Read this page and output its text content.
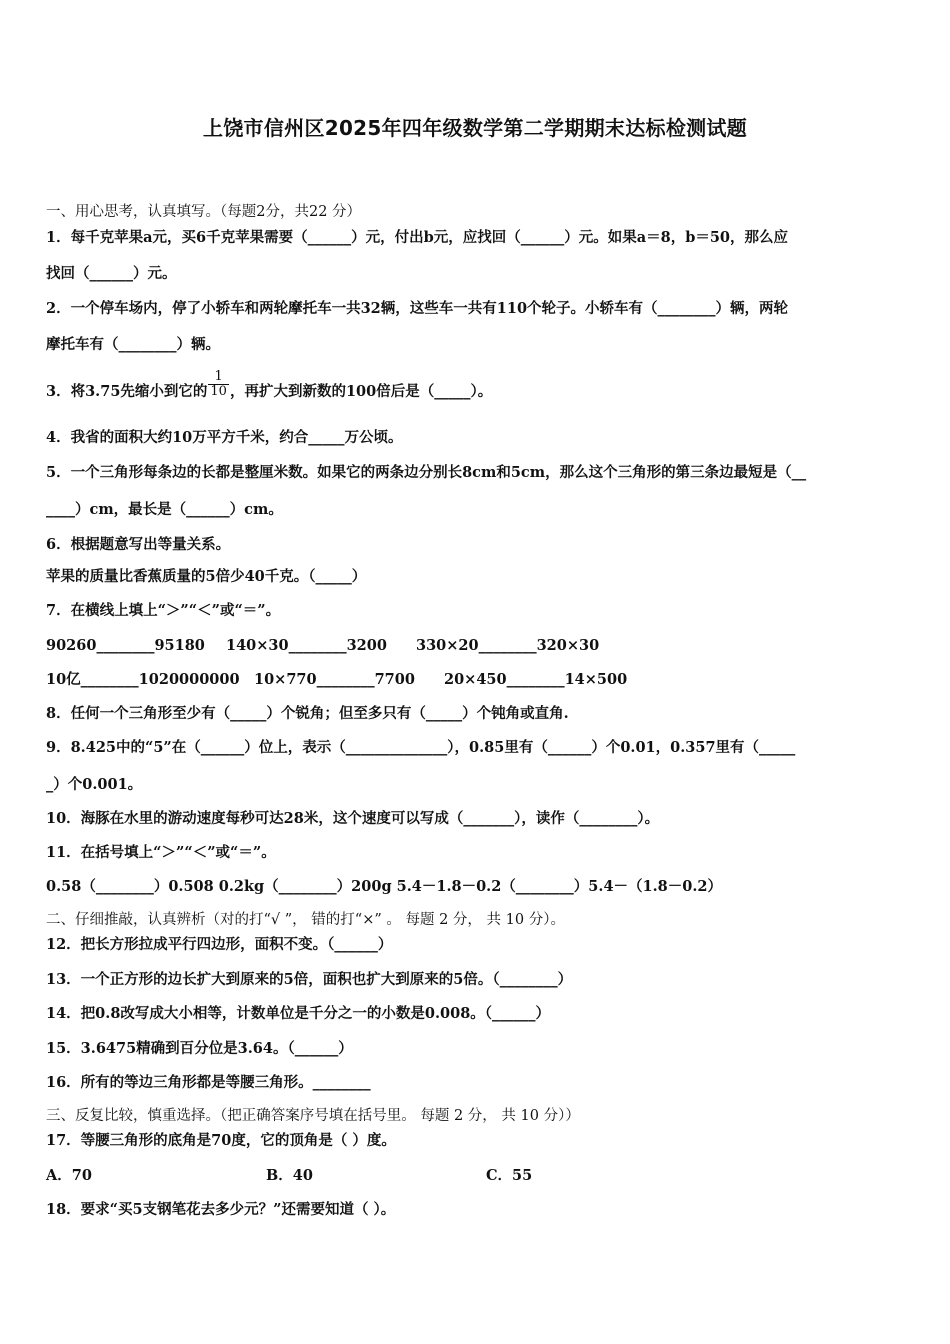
上饶市信州区2025年四年级数学第二学期期末达标检测试题
一、用心思考，认真填写。（每题2分，共22 分）
1．每千克苹果a元，买6千克苹果需要（______）元，付出b元，应找回（______）元。如果a＝8，b＝50，那么应
找回（______）元。
2．一个停车场内，停了小轿车和两轮摩托车一共32辆，这些车一共有110个轮子。小轿车有（________）辆，两轮
摩托车有（________）辆。
3．将3.75先缩小到它的 $\frac{1}{10}$ ，再扩大到新数的100倍后是（_____）。
4．我省的面积大约10万平方千米，约合_____万公顷。
5．一个三角形每条边的长都是整厘米数。如果它的两条边分别长8cm和5cm，那么这个三角形的第三条边最短是（__
____）cm，最长是（______）cm。
6．根据题意写出等量关系。
苹果的质量比香蕉质量的5倍少40千克。（_____）
7．在横线上填上“＞”“＜”或“＝”。
90260________95180 140×30________3200 330×20________320×30
10亿________1020000000 10×770________7700 20×450________14×500
8．任何一个三角形至少有（_____）个锐角；但至多只有（_____）个钝角或直角.
9．8.425中的“5”在（______）位上，表示（______________），0.85里有（______）个0.01，0.357里有（_____
_）个0.001。
10．海豚在水里的游动速度每秒可达28米，这个速度可以写成（_______），读作（________）。
11．在括号填上“＞”“＜”或“＝”。
0.58（________）0.508 0.2kg（________）200g 5.4－1.8－0.2（________）5.4－（1.8－0.2）
二、仔细推敲，认真辨析（对的打“√ ”， 错的打“×” 。 每题 2 分， 共 10 分）。
12．把长方形拉成平行四边形，面积不变。（______）
13．一个正方形的边长扩大到原来的5倍，面积也扩大到原来的5倍。（________）
14．把0.8改写成大小相等，计数单位是千分之一的小数是0.008。（______）
15．3.6475精确到百分位是3.64。（______）
16．所有的等边三角形都是等腰三角形。________
三、反复比较，慎重选择。（把正确答案序号填在括号里。 每题 2 分， 共 10 分））
17．等腰三角形的底角是70度，它的顶角是（ ）度。
A．70	B．40	C．55
18．要求“买5支钢笔花去多少元？”还需要知道（ ）。
